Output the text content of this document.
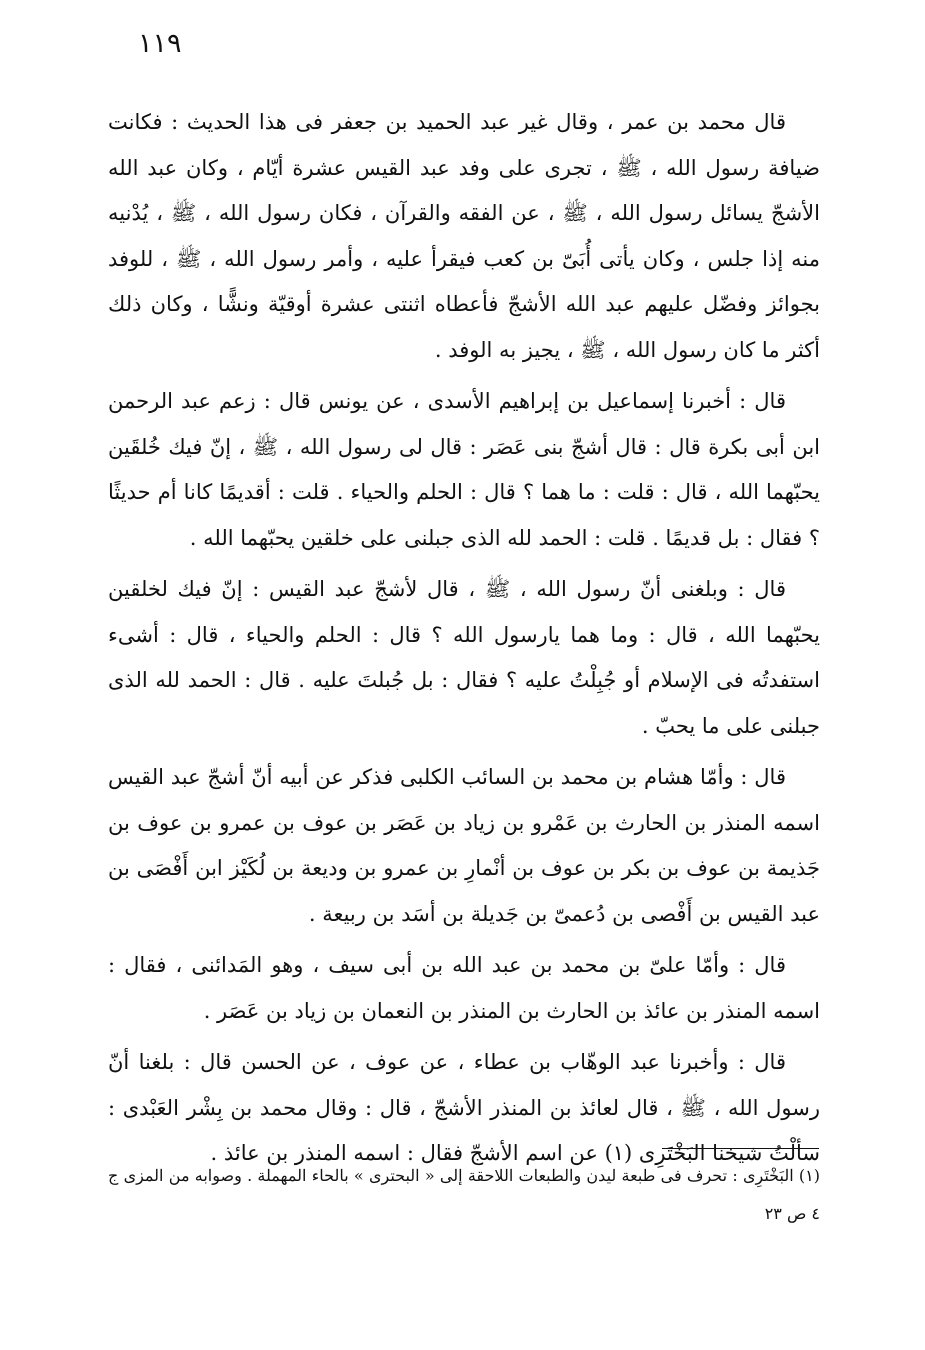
١١٩

قال محمد بن عمر ، وقال غير عبد الحميد بن جعفر فى هذا الحديث : فكانت ضيافة رسول الله ، ﷺ ، تجرى على وفد عبد القيس عشرة أيّام ، وكان عبد الله الأشجّ يسائل رسول الله ، ﷺ ، عن الفقه والقرآن ، فكان رسول الله ، ﷺ ، يُدْنيه منه إذا جلس ، وكان يأتى أُبَىّ بن كعب فيقرأ عليه ، وأمر رسول الله ، ﷺ ، للوفد بجوائز وفضّل عليهم عبد الله الأشجّ فأعطاه اثنتى عشرة أوقيّة ونشًّا ، وكان ذلك أكثر ما كان رسول الله ، ﷺ ، يجيز به الوفد .

قال : أخبرنا إسماعيل بن إبراهيم الأسدى ، عن يونس قال : زعم عبد الرحمن ابن أبى بكرة قال : قال أشجّ بنى عَصَر : قال لى رسول الله ، ﷺ ، إنّ فيك خُلقَين يحبّهما الله ، قال : قلت : ما هما ؟ قال : الحلم والحياء . قلت : أقديمًا كانا أم حديثًا ؟ فقال : بل قديمًا . قلت : الحمد لله الذى جبلنى على خلقين يحبّهما الله .

قال : وبلغنى أنّ رسول الله ، ﷺ ، قال لأشجّ عبد القيس : إنّ فيك لخلقين يحبّهما الله ، قال : وما هما يارسول الله ؟ قال : الحلم والحياء ، قال : أشىء استفدتُه فى الإسلام أو جُبِلْتُ عليه ؟ فقال : بل جُبلتَ عليه . قال : الحمد لله الذى جبلنى على ما يحبّ .

قال : وأمّا هشام بن محمد بن السائب الكلبى فذكر عن أبيه أنّ أشجّ عبد القيس اسمه المنذر بن الحارث بن عَمْرو بن زياد بن عَصَر بن عوف بن عمرو بن عوف بن جَذيمة بن عوف بن بكر بن عوف بن أنْمارِ بن عمرو بن وديعة بن لُكَيْز ابن أَفْصَى بن عبد القيس بن أَفْصى بن دُعمىّ بن جَديلة بن أسَد بن ربيعة .

قال : وأمّا علىّ بن محمد بن عبد الله بن أبى سيف ، وهو المَدائنى ، فقال : اسمه المنذر بن عائذ بن الحارث بن المنذر بن النعمان بن زياد بن عَصَر .

قال : وأخبرنا عبد الوهّاب بن عطاء ، عن عوف ، عن الحسن قال : بلغنا أنّ رسول الله ، ﷺ ، قال لعائذ بن المنذر الأشجّ ، قال : وقال محمد بن بِشْر العَبْدى : سألْتُ شيخنا البَخْتَرِى (١) عن اسم الأشجّ فقال : اسمه المنذر بن عائذ .

(١) البَخْتَرِى : تحرف فى طبعة ليدن والطبعات اللاحقة إلى « البحترى » بالحاء المهملة . وصوابه من المزى ج ٤ ص ٢٣
